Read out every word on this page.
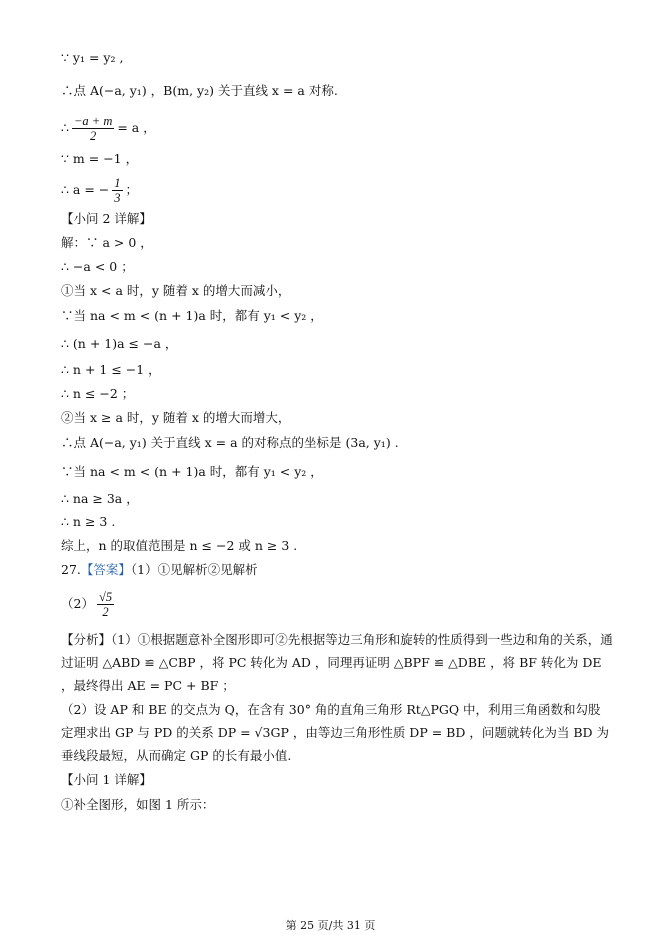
∵ y₁ = y₂ ,
∴点 A(−a, y₁) ，B(m, y₂) 关于直线 x = a 对称.
∴ $\frac{-a + m}{2} = a$ ，
∵ m = −1 ，
∴ a = − $\frac{1}{3}$ ；
【小问 2 详解】
解：∵ a > 0 ，
∴ −a < 0 ；
①当 x < a 时，y 随着 x 的增大而减小，
∵当 na < m < (n + 1)a 时，都有 y₁ < y₂ ，
∴ (n + 1)a ≤ −a ，
∴ n + 1 ≤ −1 ，
∴ n ≤ −2 ；
②当 x ≥ a 时，y 随着 x 的增大而增大，
∴点 A(−a, y₁) 关于直线 x = a 的对称点的坐标是 (3a, y₁) .
∵当 na < m < (n + 1)a 时，都有 y₁ < y₂ ，
∴ na ≥ 3a ，
∴ n ≥ 3 .
综上，n 的取值范围是 n ≤ −2 或 n ≥ 3 .
27.【答案】（1）①见解析②见解析
$(2) \frac{√5}{2}$
【分析】（1）①根据题意补全图形即可②先根据等边三角形和旋转的性质得到一些边和角的关系，通过证明 △ABD ≌ △CBP ，将 PC 转化为 AD ，同理再证明 △BPF ≌ △DBE ，将 BF 转化为 DE ，最终得出 AE = PC + BF ；
（2）设 AP 和 BE 的交点为 Q，在含有 30° 角的直角三角形 Rt△PGQ 中，利用三角函数和勾股定理求出 GP 与 PD 的关系 DP = √3GP ，由等边三角形性质 DP = BD ，问题就转化为当 BD 为垂线段最短，从而确定 GP 的长有最小值.
【小问 1 详解】
①补全图形，如图 1 所示：
第 25 页/共 31 页
